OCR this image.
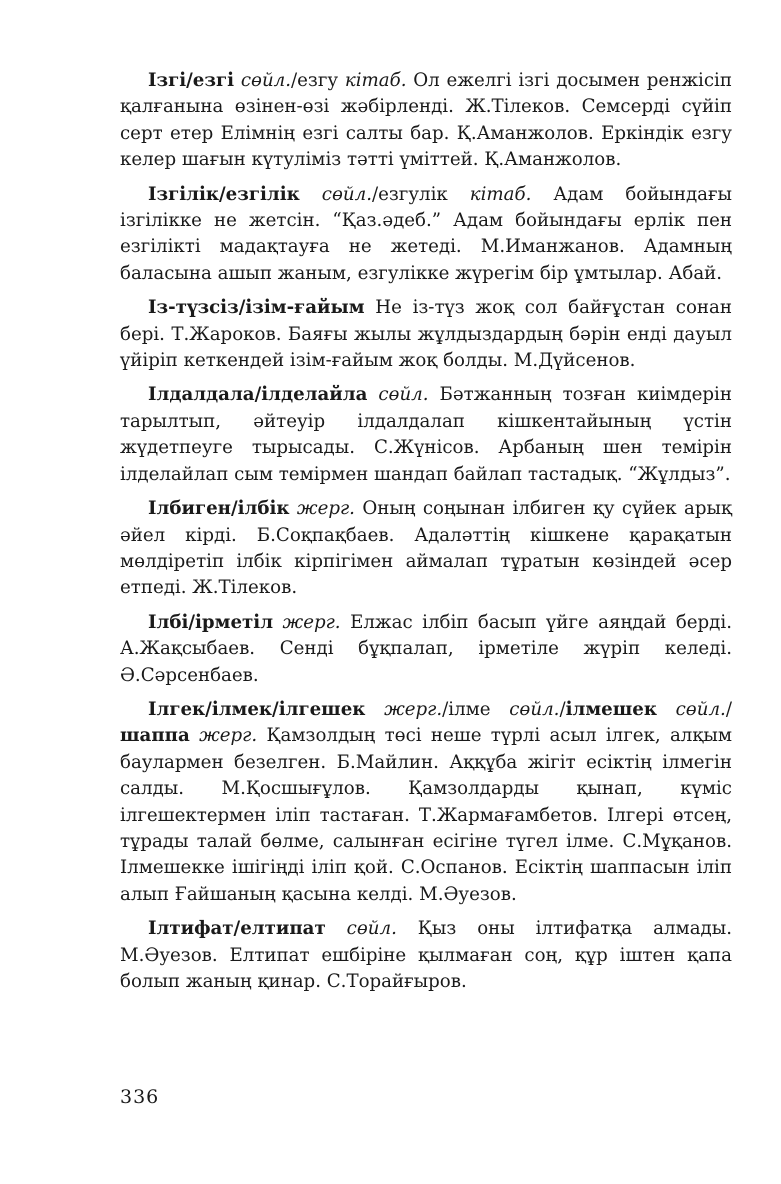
Ізгі/езгі сөйл./езгу кітаб. Ол ежелгі ізгі досымен ренжісіп қалғанына өзінен-өзі жәбірленді. Ж.Тілеков. Семсерді сүйіп серт етер Елімнің езгі салты бар. Қ.Аманжолов. Еркіндік езгу келер шағын күтуліміз тәтті үміттей. Қ.Аманжолов.

Ізгілік/езгілік сөйл./езгулік кітаб. Адам бойындағы ізгілікке не жетсін. “Қаз.әдеб.” Адам бойындағы ерлік пен езгілікті мадақтауға не жетеді. М.Иманжанов. Адамның баласына ашып жаным, езгулікке жүрегім бір ұмтылар. Абай.

Із-түзсіз/ізім-ғайым Не із-түз жоқ сол байғұстан сонан бері. Т.Жароков. Баяғы жылы жұлдыздардың бәрін енді дауыл үйіріп кеткендей ізім-ғайым жоқ болды. М.Дүйсенов.

Ілдалдала/ілделайла сөйл. Бәтжанның тозған киімдерін тарылтып, әйтеуір ілдалдалап кішкентайының үстін жүдетпеуге тырысады. С.Жүнісов. Арбаның шен темірін ілделайлап сым темірмен шандап байлап тастадық. “Жұлдыз”.

Ілбиген/ілбік жерг. Оның соңынан ілбиген қу сүйек арық әйел кірді. Б.Соқпақбаев. Адаләттің кішкене қарақатын мөлдіретіп ілбік кірпігімен аймалап тұратын көзіндей әсер етпеді. Ж.Тілеков.

Ілбі/ірметіл жерг. Елжас ілбіп басып үйге аяңдай берді. А.Жақсыбаев. Сенді бұқпалап, ірметіле жүріп келеді. Ә.Сәрсенбаев.

Ілгек/ілмек/ілгешек жерг./ілме сөйл./ілмешек сөйл./шаппа жерг. Қамзолдың төсі неше түрлі асыл ілгек, алқым баулармен безелген. Б.Майлин. Аққұба жігіт есіктің ілмегін салды. М.Қосшығұлов. Қамзолдарды қынап, күміс ілгешектермен іліп тастаған. Т.Жармағамбетов. Ілгері өтсең, тұрады талай бөлме, салынған есігіне түгел ілме. С.Мұқанов. Ілмешекке ішігіңді іліп қой. С.Оспанов. Есіктің шаппасын іліп алып Ғайшаның қасына келді. М.Әуезов.

Ілтифат/елтипат сөйл. Қыз оны ілтифатқа алмады. М.Әуезов. Елтипат ешбіріне қылмаған соң, құр іштен қапа болып жаның қинар. С.Торайғыров.

336
